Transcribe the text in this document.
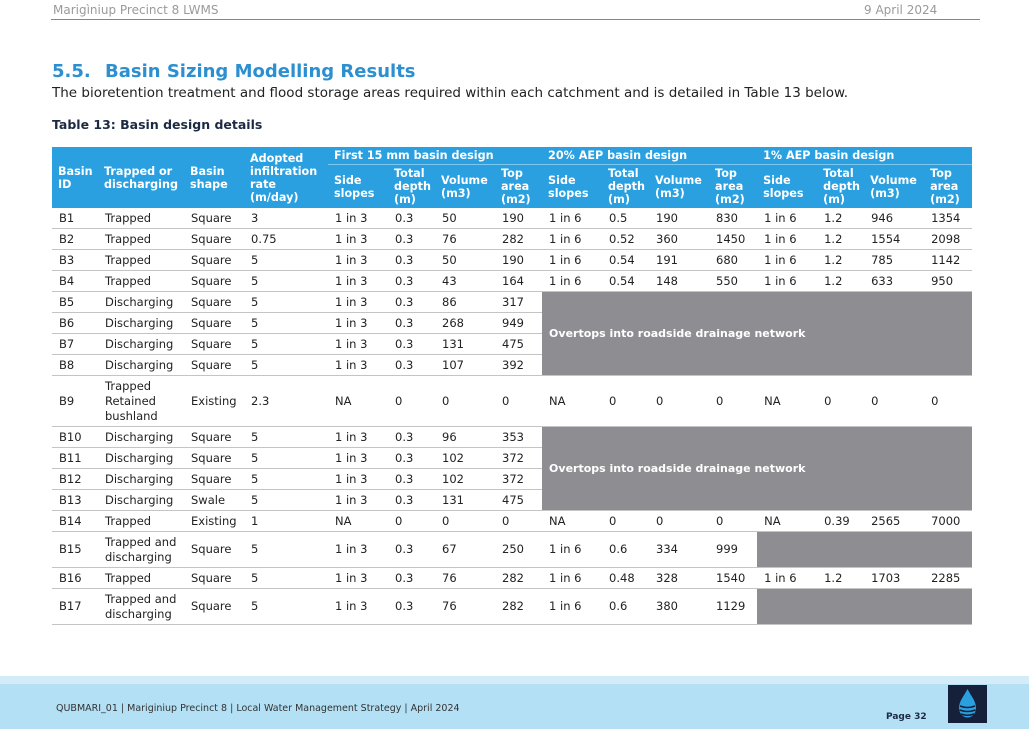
Marigìniup Precinct 8 LWMS	9 April 2024
5.5. Basin Sizing Modelling Results
The bioretention treatment and flood storage areas required within each catchment and is detailed in Table 13 below.
Table 13: Basin design details
Basin ID	Trapped or discharging	Basin shape	Adopted infiltration rate (m/day)	First 15 mm basin design				20% AEP basin design				1% AEP basin design			
				Side slopes	Total depth (m)	Volume (m3)	Top area (m2)	Side slopes	Total depth (m)	Volume (m3)	Top area (m2)	Side slopes	Total depth (m)	Volume (m3)	Top area (m2)
B1	Trapped	Square	3	1 in 3	0.3	50	190	1 in 6	0.5	190	830	1 in 6	1.2	946	1354
B2	Trapped	Square	0.75	1 in 3	0.3	76	282	1 in 6	0.52	360	1450	1 in 6	1.2	1554	2098
B3	Trapped	Square	5	1 in 3	0.3	50	190	1 in 6	0.54	191	680	1 in 6	1.2	785	1142
B4	Trapped	Square	5	1 in 3	0.3	43	164	1 in 6	0.54	148	550	1 in 6	1.2	633	950
B5	Discharging	Square	5	1 in 3	0.3	86	317	Overtops into roadside drainage network							
B6	Discharging	Square	5	1 in 3	0.3	268	949								
B7	Discharging	Square	5	1 in 3	0.3	131	475								
B8	Discharging	Square	5	1 in 3	0.3	107	392								
B9	Trapped Retained bushland	Existing	2.3	NA	0	0	0	NA	0	0	0	NA	0	0	0
B10	Discharging	Square	5	1 in 3	0.3	96	353	Overtops into roadside drainage network							
B11	Discharging	Square	5	1 in 3	0.3	102	372								
B12	Discharging	Square	5	1 in 3	0.3	102	372								
B13	Discharging	Swale	5	1 in 3	0.3	131	475								
B14	Trapped	Existing	1	NA	0	0	0	NA	0	0	0	NA	0.39	2565	7000
B15	Trapped and discharging	Square	5	1 in 3	0.3	67	250	1 in 6	0.6	334	999				
B16	Trapped	Square	5	1 in 3	0.3	76	282	1 in 6	0.48	328	1540	1 in 6	1.2	1703	2285
B17	Trapped and discharging	Square	5	1 in 3	0.3	76	282	1 in 6	0.6	380	1129				
QUBMARI_01 | Mariginiup Precinct 8 | Local Water Management Strategy | April 2024
Page 32
